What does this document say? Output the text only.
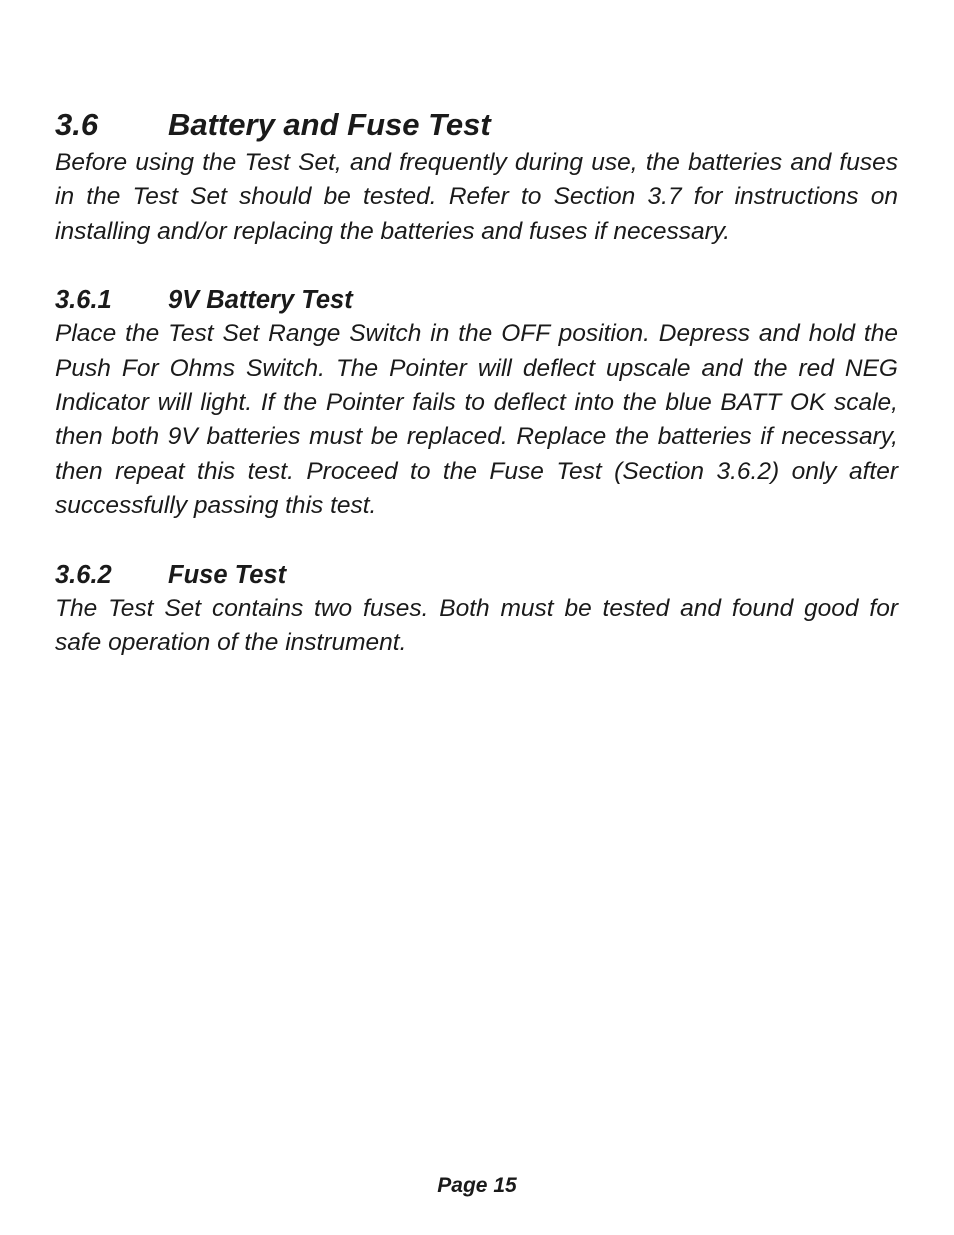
3.6	Battery and Fuse Test

Before using the Test Set, and frequently during use, the batteries and fuses in the Test Set should be tested. Refer to Section 3.7 for instructions on installing and/or replacing the batteries and fuses if necessary.

3.6.1	9V Battery Test

Place the Test Set Range Switch in the OFF position. Depress and hold the Push For Ohms Switch. The Pointer will deflect upscale and the red NEG Indicator will light. If the Pointer fails to deflect into the blue BATT OK scale, then both 9V batteries must be replaced. Replace the batteries if necessary, then repeat this test. Proceed to the Fuse Test (Section 3.6.2) only after successfully passing this test.

3.6.2	Fuse Test

The Test Set contains two fuses. Both must be tested and found good for safe operation of the instrument.

Page 15
